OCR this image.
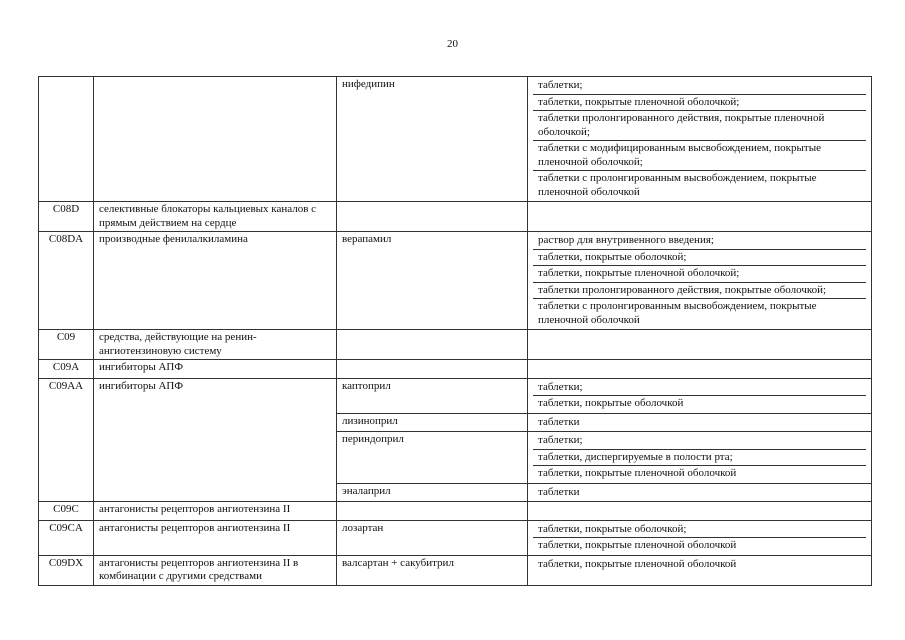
20
		нифедипин	таблетки;
таблетки, покрытые пленочной оболочкой;
таблетки пролонгированного действия, покрытые пленочной оболочкой;
таблетки с модифицированным высвобождением, покрытые пленочной оболочкой;
таблетки с пролонгированным высвобождением, покрытые пленочной оболочкой

C08D	селективные блокаторы кальциевых каналов с прямым действием на сердце		

C08DA	производные фенилалкиламина	верапамил	раствор для внутривенного введения;
таблетки, покрытые оболочкой;
таблетки, покрытые пленочной оболочкой;
таблетки пролонгированного действия, покрытые оболочкой;
таблетки с пролонгированным высвобождением, покрытые пленочной оболочкой

C09	средства, действующие на ренин-ангиотензиновую систему		

C09A	ингибиторы АПФ		

C09AA	ингибиторы АПФ	каптоприл	таблетки;
таблетки, покрытые оболочкой

		лизиноприл	таблетки

		периндоприл	таблетки;
таблетки, диспергируемые в полости рта;
таблетки, покрытые пленочной оболочкой

		эналаприл	таблетки

C09C	антагонисты рецепторов ангиотензина II		

C09CA	антагонисты рецепторов ангиотензина II	лозартан	таблетки, покрытые оболочкой;
таблетки, покрытые пленочной оболочкой

C09DX	антагонисты рецепторов ангиотензина II в комбинации с другими средствами	валсартан + сакубитрил	таблетки, покрытые пленочной оболочкой
